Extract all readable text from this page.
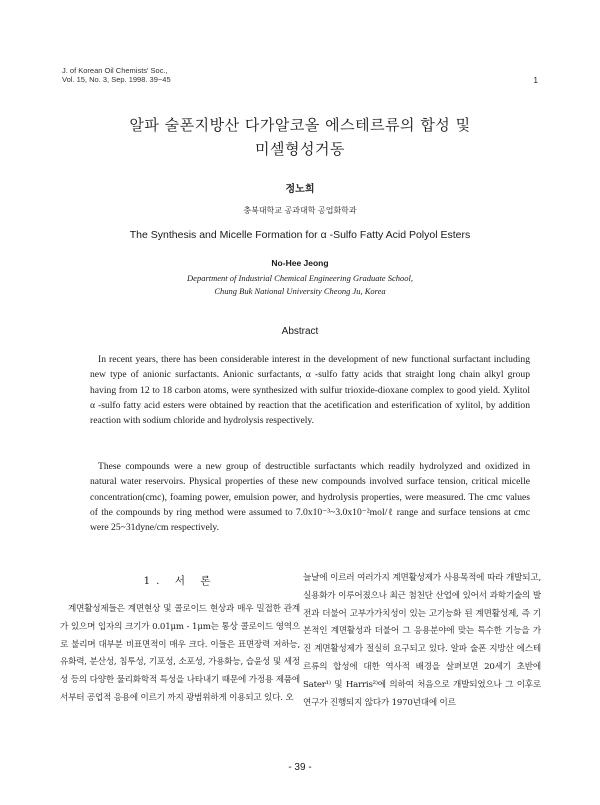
J. of Korean Oil Chemists' Soc.,
Vol. 15, No. 3, Sep. 1998. 39~45	1
알파 술폰지방산 다가알코올 에스테르류의 합성 및
미셀형성거동
정노희
충북대학교 공과대학 공업화학과
The Synthesis and Micelle Formation for α -Sulfo Fatty Acid Polyol Esters
No-Hee Jeong
Department of Industrial Chemical Engineering Graduate School,
Chung Buk National University Cheong Ju, Korea
Abstract

In recent years, there has been considerable interest in the development of new functional surfactant including new type of anionic surfactants. Anionic surfactants, α -sulfo fatty acids that straight long chain alkyl group having from 12 to 18 carbon atoms, were synthesized with sulfur trioxide-dioxane complex to good yield. Xylitol α -sulfo fatty acid esters were obtained by reaction that the acetification and esterification of xylitol, by addition reaction with sodium chloride and hydrolysis respectively.

These compounds were a new group of destructible surfactants which readily hydrolyzed and oxidized in natural water reservoirs. Physical properties of these new compounds involved surface tension, critical micelle concentration(cmc), foaming power, emulsion power, and hydrolysis properties, were measured. The cmc values of the compounds by ring method were assumed to 7.0x10⁻³~3.0x10⁻²mol/ℓ range and surface tensions at cmc were 25~31dyne/cm respectively.

1. 서 론
계면활성제들은 계면현상 및 콜로이드 현상과 매우 밀접한 관계가 있으며 입자의 크기가 0.01μm - 1μm는 통상 콜로이드 영역으로 불리며 대부분 비표면적이 매우 크다. 이들은 표면장력 저하능, 유화력, 분산성, 침투성, 기포성, 소포성, 가용화능, 습윤성 및 세정성 등의 다양한 물리화학적 특성을 나타내기 때문에 가정용 제품에서부터 공업적 응용에 이르기 까지 광범위하게 이용되고 있다. 오
늘날에 이르러 여러가지 계면활성제가 사용목적에 따라 개발되고, 실용화가 이루어졌으나 최근 첨천단 산업에 있어서 과학기술의 발전과 더불어 고부가가치성이 있는 고기능화 된 계면활성제, 즉 기본적인 계면활성과 더불어 그 응용분야에 맞는 특수한 기능을 가진 계면활성제가 절실히 요구되고 있다. 알파 술폰 지방산 에스테르류의 합성에 대한 역사적 배경을 살펴보면 20세기 초반에 Sater¹⁾ 및 Harris²⁾에 의하여 처음으로 개발되었으나 그 이후로 연구가 진행되지 않다가 1970년대에 이르
- 39 -
